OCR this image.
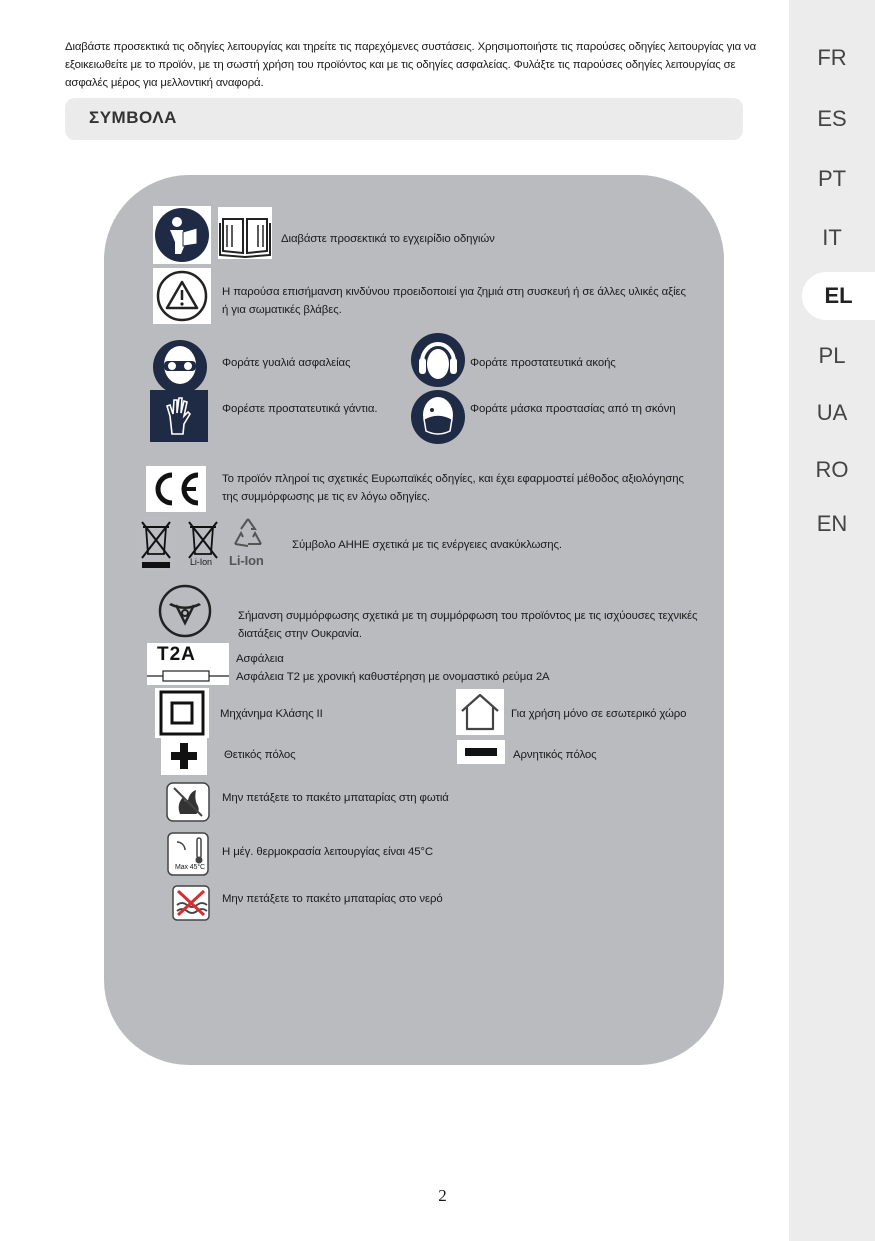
Διαβάστε προσεκτικά τις οδηγίες λειτουργίας και τηρείτε τις παρεχόμενες συστάσεις. Χρησιμοποιήστε τις παρούσες οδηγίες λειτουργίας για να εξοικειωθείτε με το προϊόν, με τη σωστή χρήση του προϊόντος και με τις οδηγίες ασφαλείας. Φυλάξτε τις παρούσες οδηγίες λειτουργίας σε ασφαλές μέρος για μελλοντική αναφορά.
ΣΥΜΒΟΛΑ
Διαβάστε προσεκτικά το εγχειρίδιο οδηγιών
Η παρούσα επισήμανση κινδύνου προειδοποιεί για ζημιά στη συσκευή ή σε άλλες υλικές αξίες ή για σωματικές βλάβες.
Φοράτε γυαλιά ασφαλείας	Φοράτε προστατευτικά ακοής
Φορέστε προστατευτικά γάντια.	Φοράτε μάσκα προστασίας από τη σκόνη
Το προϊόν πληροί τις σχετικές Ευρωπαϊκές οδηγίες, και έχει εφαρμοστεί μέθοδος αξιολόγησης της συμμόρφωσης με τις εν λόγω οδηγίες.
Li-Ion Li-Ion
Σύμβολο ΑΗΗΕ σχετικά με τις ενέργειες ανακύκλωσης.
Σήμανση συμμόρφωσης σχετικά με τη συμμόρφωση του προϊόντος με τις ισχύουσες τεχνικές διατάξεις στην Ουκρανία.
T2A	Ασφάλεια
Ασφάλεια T2 με χρονική καθυστέρηση με ονομαστικό ρεύμα 2A
Μηχάνημα Κλάσης II	Για χρήση μόνο σε εσωτερικό χώρο
Θετικός πόλος	Αρνητικός πόλος
Μην πετάξετε το πακέτο μπαταρίας στη φωτιά
Max 45°C
Η μέγ. θερμοκρασία λειτουργίας είναι 45°C
Μην πετάξετε το πακέτο μπαταρίας στο νερό
2
FR
ES
PT
IT
EL
PL
UA
RO
EN
